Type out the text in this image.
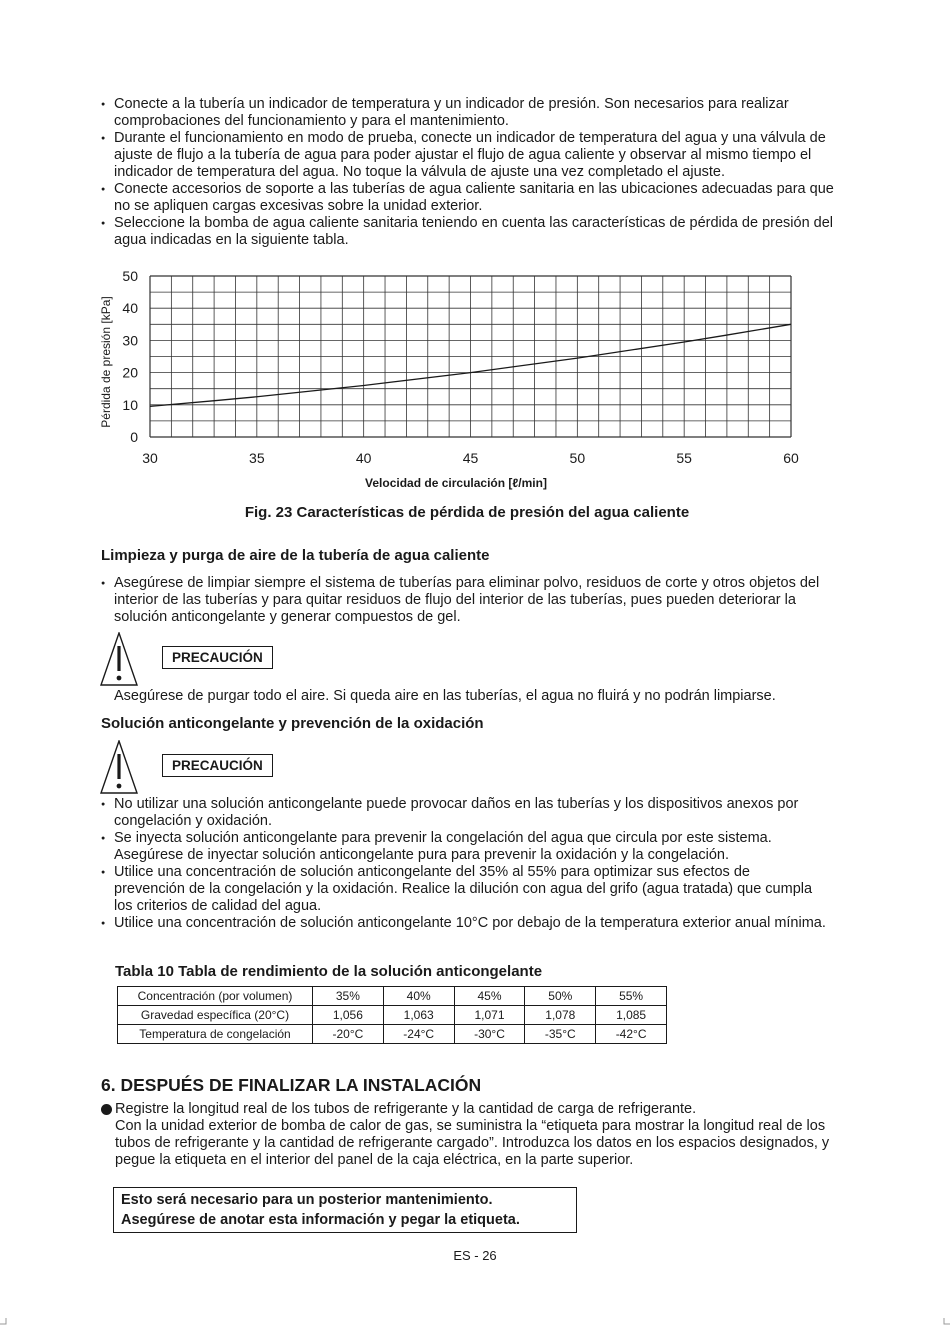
● Conecte a la tubería un indicador de temperatura y un indicador de presión. Son necesarios para realizar comprobaciones del funcionamiento y para el mantenimiento.
● Durante el funcionamiento en modo de prueba, conecte un indicador de temperatura del agua y una válvula de ajuste de flujo a la tubería de agua para poder ajustar el flujo de agua caliente y observar al mismo tiempo el indicador de temperatura del agua. No toque la válvula de ajuste una vez completado el ajuste.
● Conecte accesorios de soporte a las tuberías de agua caliente sanitaria en las ubicaciones adecuadas para que no se apliquen cargas excesivas sobre la unidad exterior.
● Seleccione la bomba de agua caliente sanitaria teniendo en cuenta las características de pérdida de presión del agua indicadas en la siguiente tabla.
0
10
20
30
40
50
30	35	40	45	50	55	60
Pérdida de presión [kPa]
Velocidad de circulación [ℓ/min]
Fig. 23 Características de pérdida de presión del agua caliente
Limpieza y purga de aire de la tubería de agua caliente
● Asegúrese de limpiar siempre el sistema de tuberías para eliminar polvo, residuos de corte y otros objetos del interior de las tuberías y para quitar residuos de flujo del interior de las tuberías, pues pueden deteriorar la solución anticongelante y generar compuestos de gel.
PRECAUCIÓN
Asegúrese de purgar todo el aire. Si queda aire en las tuberías, el agua no fluirá y no podrán limpiarse.
Solución anticongelante y prevención de la oxidación
PRECAUCIÓN
● No utilizar una solución anticongelante puede provocar daños en las tuberías y los dispositivos anexos por congelación y oxidación.
● Se inyecta solución anticongelante para prevenir la congelación del agua que circula por este sistema. Asegúrese de inyectar solución anticongelante pura para prevenir la oxidación y la congelación.
● Utilice una concentración de solución anticongelante del 35% al 55% para optimizar sus efectos de prevención de la congelación y la oxidación. Realice la dilución con agua del grifo (agua tratada) que cumpla los criterios de calidad del agua.
● Utilice una concentración de solución anticongelante 10°C por debajo de la temperatura exterior anual mínima.
Tabla 10 Tabla de rendimiento de la solución anticongelante
Concentración (por volumen)	35%	40%	45%	50%	55%
Gravedad específica (20°C)	1,056	1,063	1,071	1,078	1,085
Temperatura de congelación	-20°C	-24°C	-30°C	-35°C	-42°C
6. DESPUÉS DE FINALIZAR LA INSTALACIÓN
Registre la longitud real de los tubos de refrigerante y la cantidad de carga de refrigerante.
Con la unidad exterior de bomba de calor de gas, se suministra la “etiqueta para mostrar la longitud real de los tubos de refrigerante y la cantidad de refrigerante cargado”. Introduzca los datos en los espacios designados, y pegue la etiqueta en el interior del panel de la caja eléctrica, en la parte superior.
Esto será necesario para un posterior mantenimiento.
Asegúrese de anotar esta información y pegar la etiqueta.
ES - 26
